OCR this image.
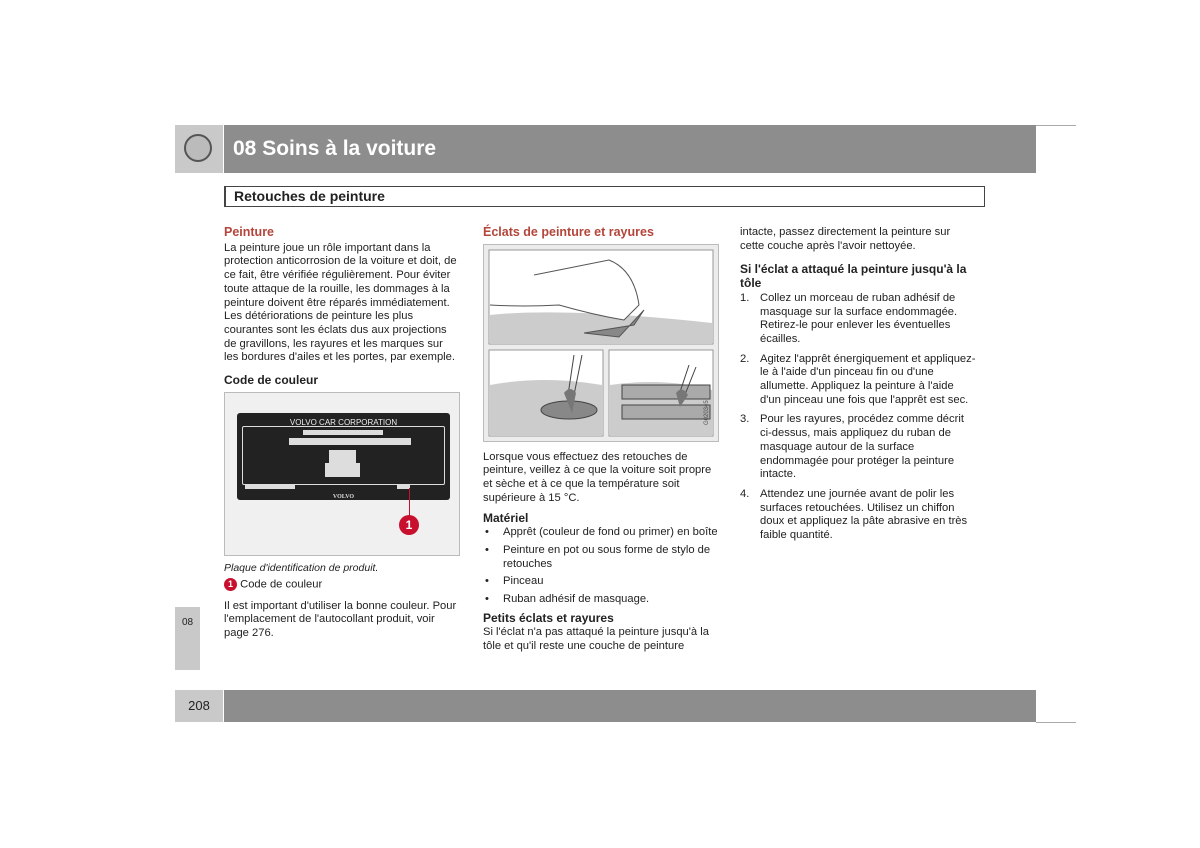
08 Soins à la voiture
Retouches de peinture
Peinture

La peinture joue un rôle important dans la protection anticorrosion de la voiture et doit, de ce fait, être vérifiée régulièrement. Pour éviter toute attaque de la rouille, les dommages à la peinture doivent être réparés immédiatement. Les détériorations de peinture les plus courantes sont les éclats dus aux projections de gravillons, les rayures et les marques sur les bordures d'ailes et les portes, par exemple.

Code de couleur
VOLVO CAR CORPORATION
VOLVO
1
Plaque d'identification de produit.
1 Code de couleur

Il est important d'utiliser la bonne couleur. Pour l'emplacement de l'autocollant produit, voir page 276.

Éclats de peinture et rayures
G020345

Lorsque vous effectuez des retouches de peinture, veillez à ce que la voiture soit propre et sèche et à ce que la température soit supérieure à 15 °C.

Matériel
• Apprêt (couleur de fond ou primer) en boîte
• Peinture en pot ou sous forme de stylo de retouches
• Pinceau
• Ruban adhésif de masquage.
Petits éclats et rayures

Si l'éclat n'a pas attaqué la peinture jusqu'à la tôle et qu'il reste une couche de peinture

intacte, passez directement la peinture sur cette couche après l'avoir nettoyée.

Si l'éclat a attaqué la peinture jusqu'à la tôle
1. Collez un morceau de ruban adhésif de masquage sur la surface endommagée. Retirez-le pour enlever les éventuelles écailles.
2. Agitez l'apprêt énergiquement et appliquez-le à l'aide d'un pinceau fin ou d'une allumette. Appliquez la peinture à l'aide d'un pinceau une fois que l'apprêt est sec.
3. Pour les rayures, procédez comme décrit ci-dessus, mais appliquez du ruban de masquage autour de la surface endommagée pour protéger la peinture intacte.
4. Attendez une journée avant de polir les surfaces retouchées. Utilisez un chiffon doux et appliquez la pâte abrasive en très faible quantité.
08
208
